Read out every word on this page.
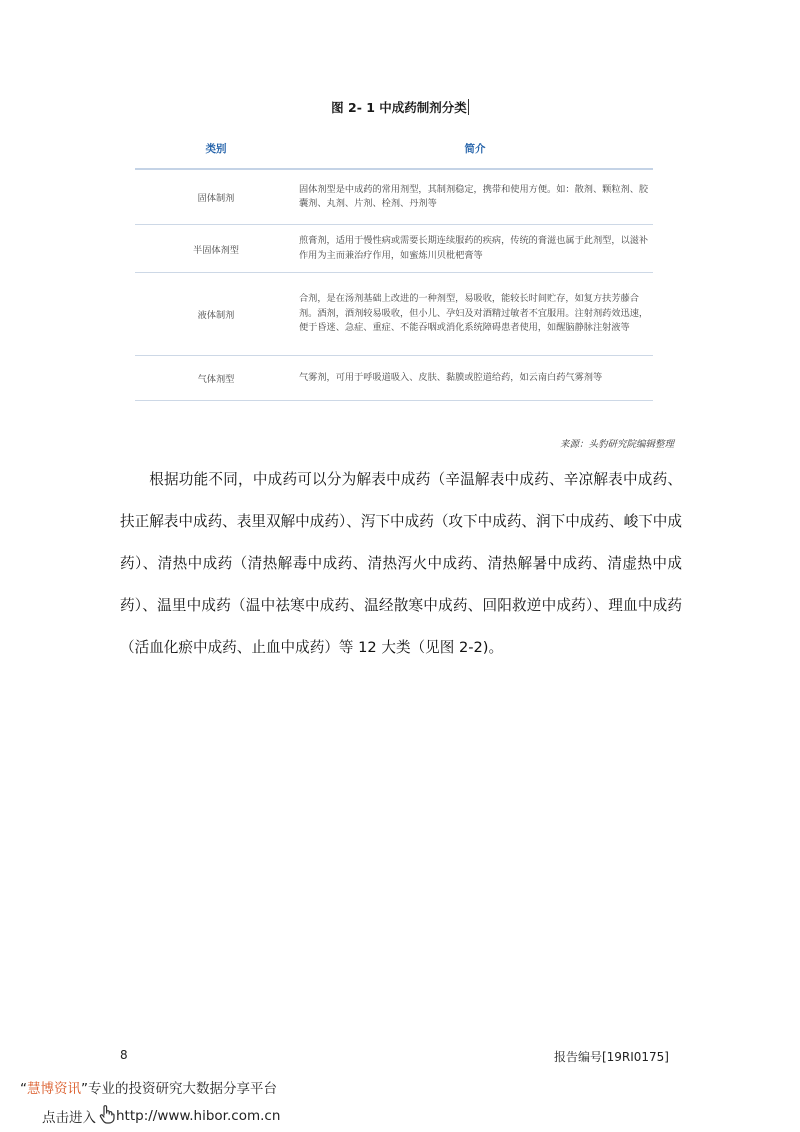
图 2- 1 中成药制剂分类
类别	简介
固体制剂	固体剂型是中成药的常用剂型，其制剂稳定，携带和使用方便。如：散剂、颗粒剂、胶囊剂、丸剂、片剂、栓剂、丹剂等
半固体剂型	煎膏剂，适用于慢性病或需要长期连续服药的疾病，传统的膏滋也属于此剂型，以滋补作用为主而兼治疗作用，如蜜炼川贝枇杷膏等
液体制剂	合剂，是在汤剂基础上改进的一种剂型，易吸收，能较长时间贮存，如复方扶芳藤合剂。酒剂，酒剂较易吸收，但小儿、孕妇及对酒精过敏者不宜服用。注射剂药效迅速，便于昏迷、急症、重症、不能吞咽或消化系统障碍患者使用，如醒脑静脉注射液等
气体剂型	气雾剂，可用于呼吸道吸入、皮肤、黏膜或腔道给药，如云南白药气雾剂等
来源：头豹研究院编辑整理

根据功能不同，中成药可以分为解表中成药（辛温解表中成药、辛凉解表中成药、扶正解表中成药、表里双解中成药）、泻下中成药（攻下中成药、润下中成药、峻下中成药）、清热中成药（清热解毒中成药、清热泻火中成药、清热解暑中成药、清虚热中成药）、温里中成药（温中祛寒中成药、温经散寒中成药、回阳救逆中成药）、理血中成药（活血化瘀中成药、止血中成药）等 12 大类（见图 2-2)。

8	报告编号[19RI0175]
“慧博资讯”专业的投资研究大数据分享平台
点击进入 http://www.hibor.com.cn
